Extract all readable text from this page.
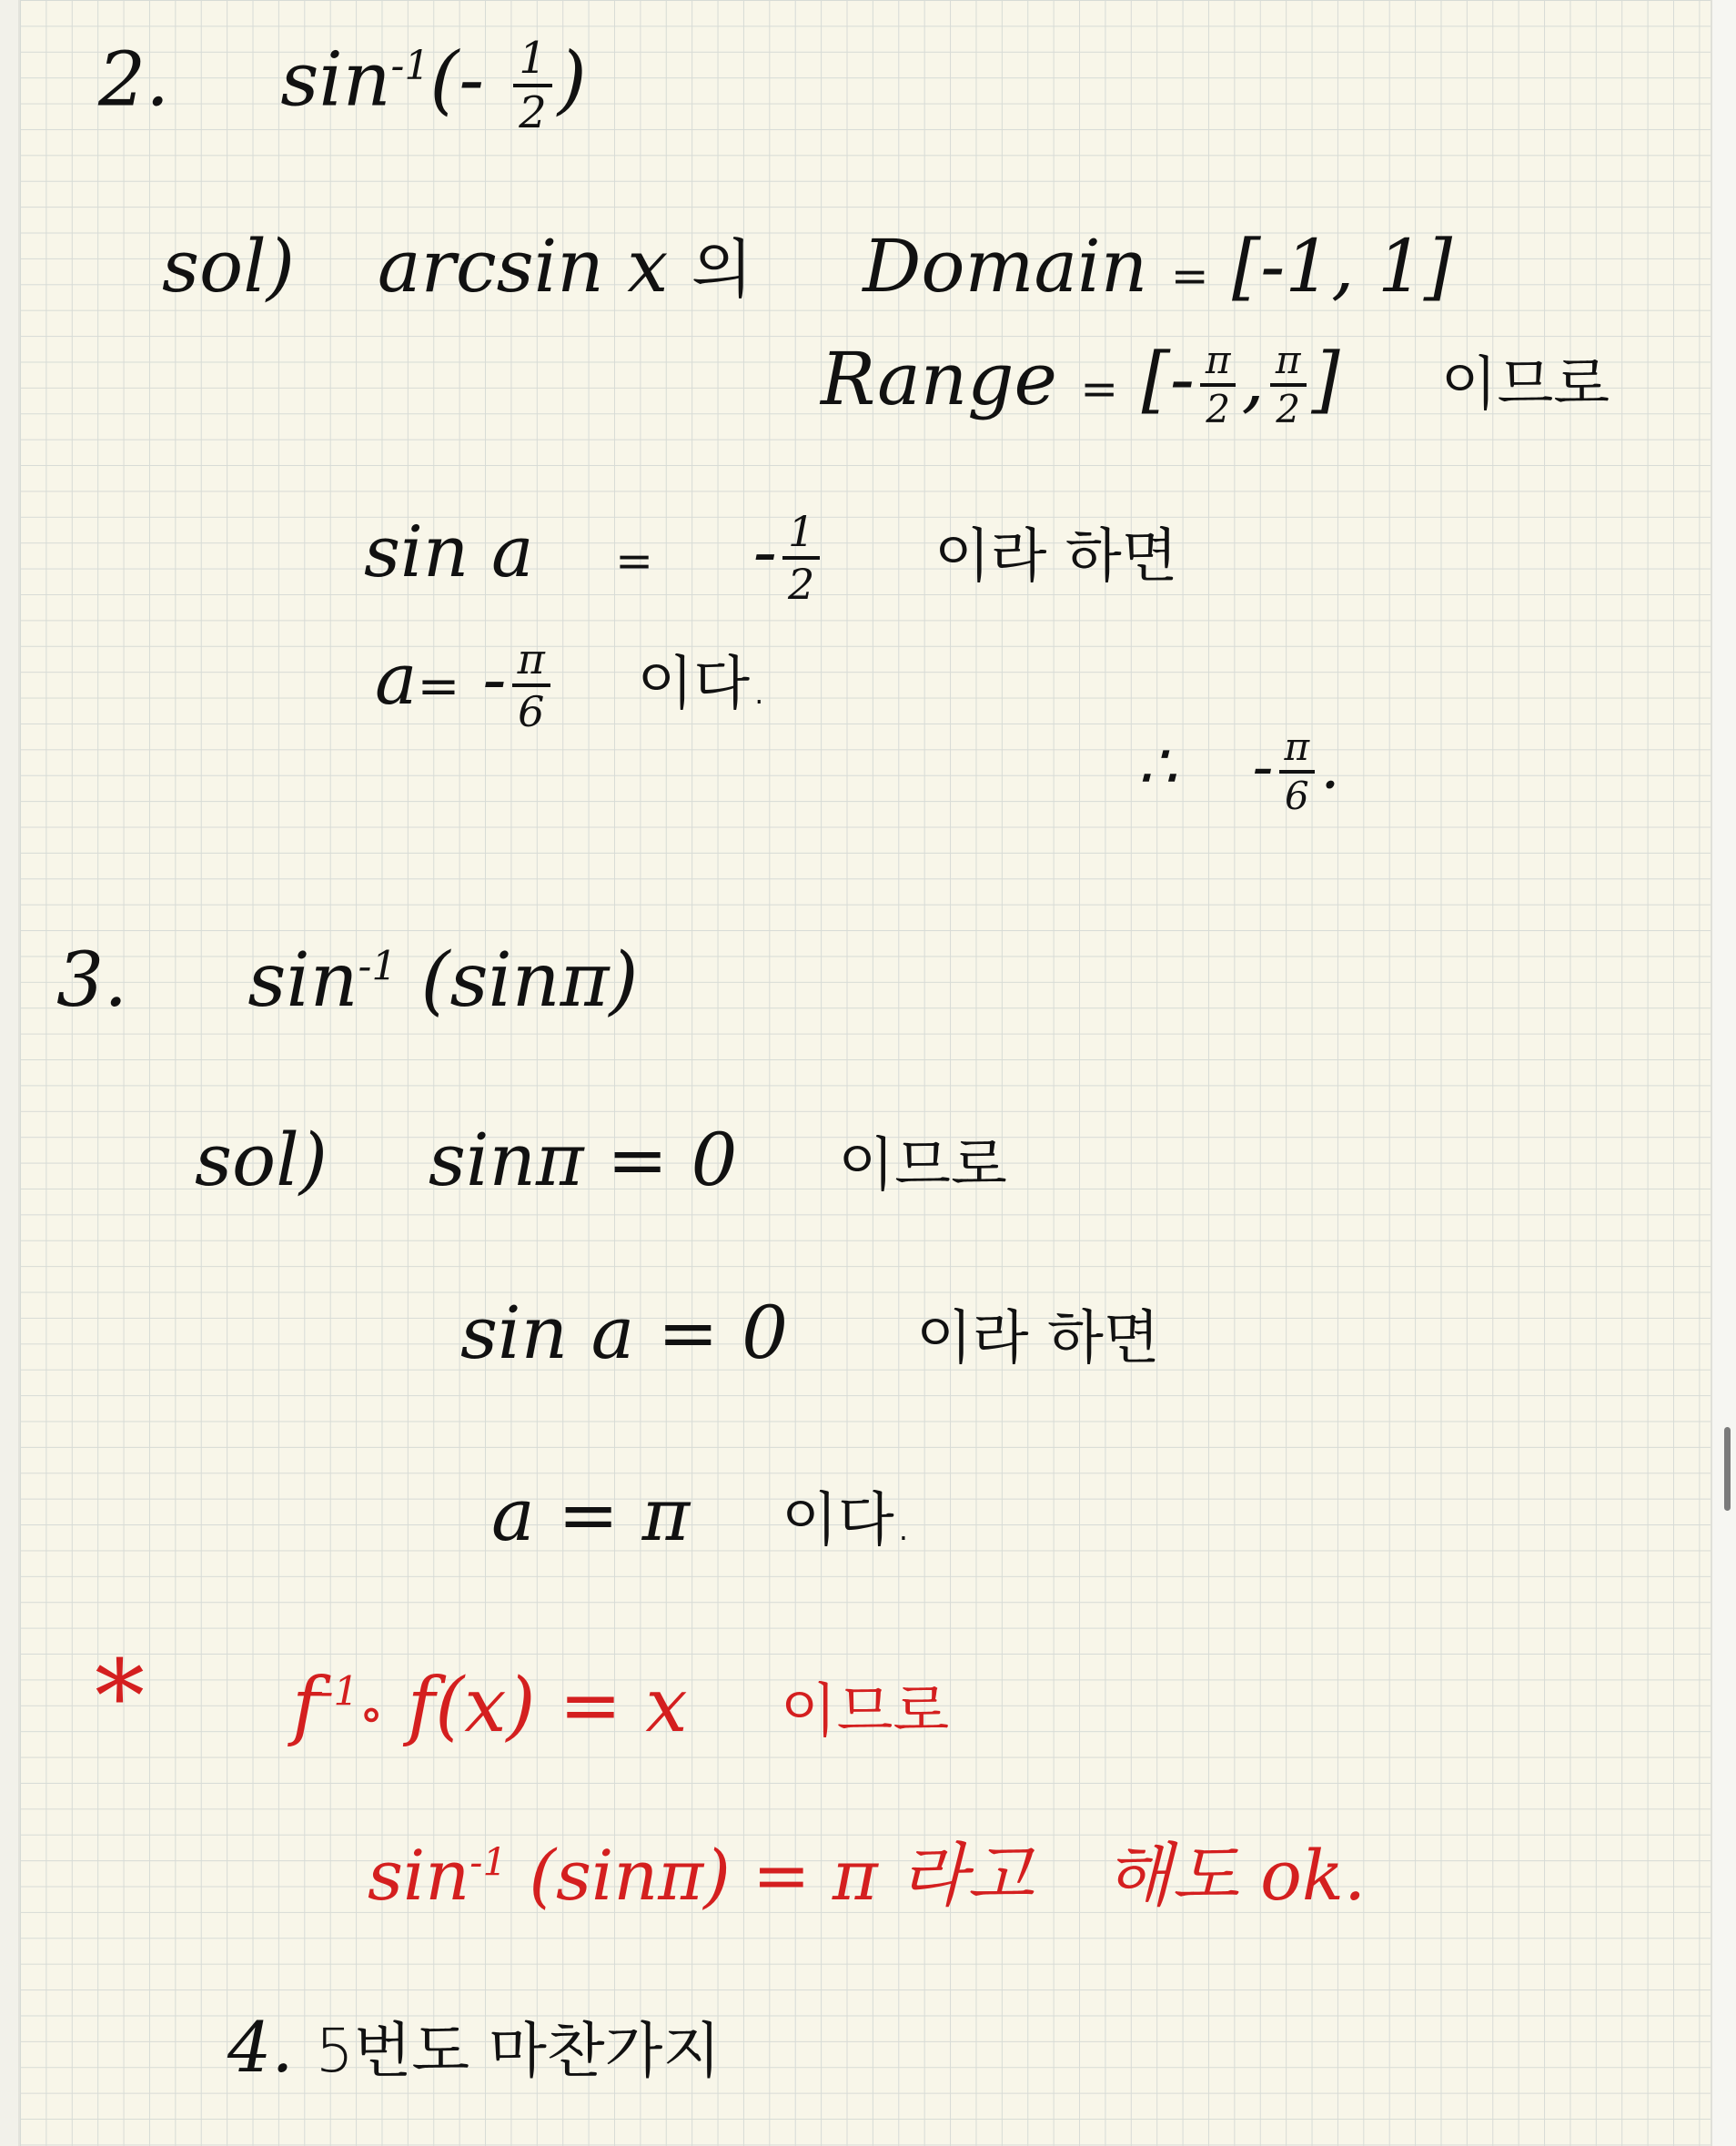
2. $\sin^{-1}(- \frac{1}{2}$ )
sol) arcsin x 의 Domain = [-1, 1]
Range = [- $\frac{\pi}{2}$ , $\frac{\pi}{2}$ ] 이므로
sin a = - $\frac{1}{2}$ 이라 하면
$a= - \frac{\pi}{6}$ 이다.
∴ - $\frac{\pi}{6}$ .
3. $\sin^{-1} (\sin\pi)$
sol) sinπ = 0 이므로
sin a = 0 이라 하면
a = π 이다.
* $f^{-1}\circ$ f(x) = x 이므로
$\sin^{-1} (\sin\pi) = \pi$ 라고 해도 ok.
4. 5번도 마찬가지
